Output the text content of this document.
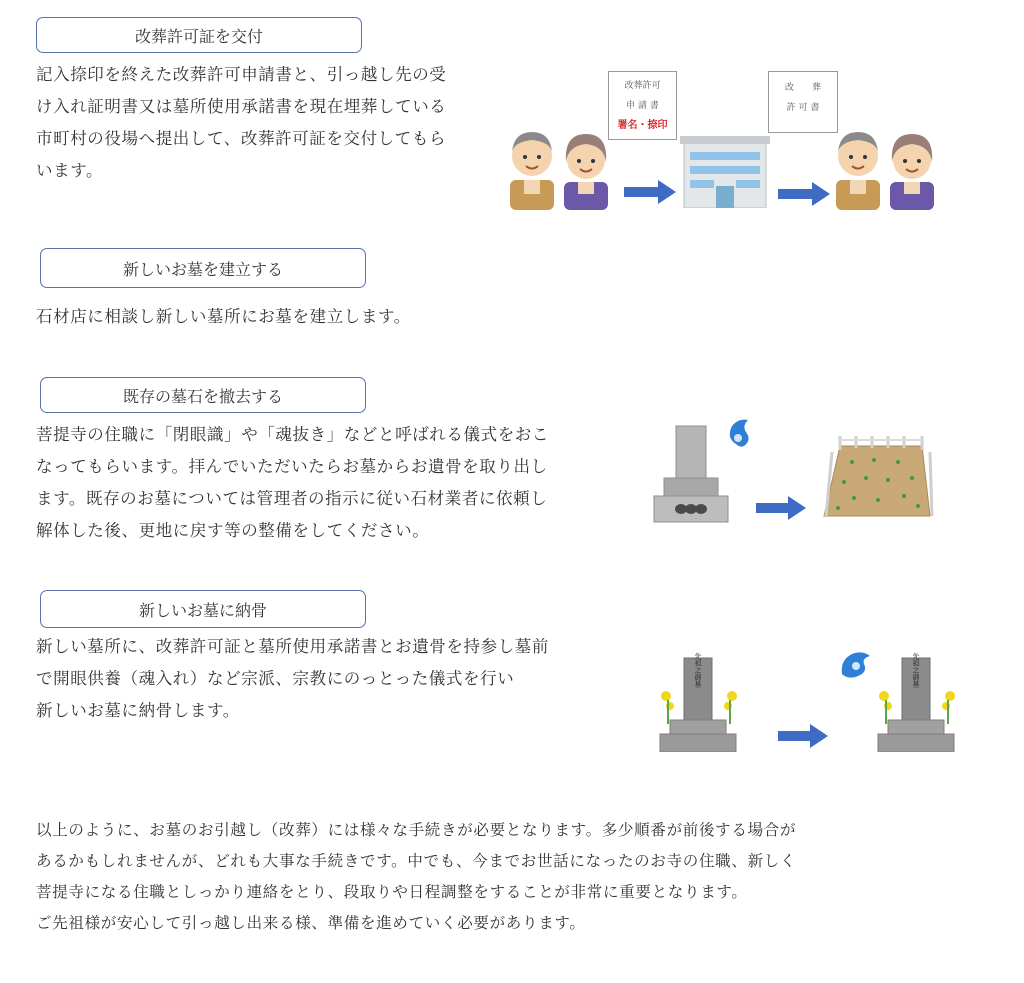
改葬許可証を交付
記入捺印を終えた改葬許可申請書と、引っ越し先の受
け入れ証明書又は墓所使用承諾書を現在埋葬している
市町村の役場へ提出して、改葬許可証を交付してもら
います。
改葬許可
申 請 書
署名・捺印
改　　葬
許 可 書
新しいお墓を建立する
石材店に相談し新しい墓所にお墓を建立します。
既存の墓石を撤去する
菩提寺の住職に「閉眼識」や「魂抜き」などと呼ばれる儀式をおこ
なってもらいます。拝んでいただいたらお墓からお遺骨を取り出し
ます。既存のお墓については管理者の指示に従い石材業者に依頼し
解体した後、更地に戻す等の整備をしてください。
新しいお墓に納骨
新しい墓所に、改葬許可証と墓所使用承諾書とお遺骨を持参し墓前
で開眼供養（魂入れ）など宗派、宗教にのっとった儀式を行い
新しいお墓に納骨します。
先祖之御墓	先祖之御墓
以上のように、お墓のお引越し（改葬）には様々な手続きが必要となります。多少順番が前後する場合が
あるかもしれませんが、どれも大事な手続きです。中でも、今までお世話になったのお寺の住職、新しく
菩提寺になる住職としっかり連絡をとり、段取りや日程調整をすることが非常に重要となります。
ご先祖様が安心して引っ越し出来る様、準備を進めていく必要があります。
